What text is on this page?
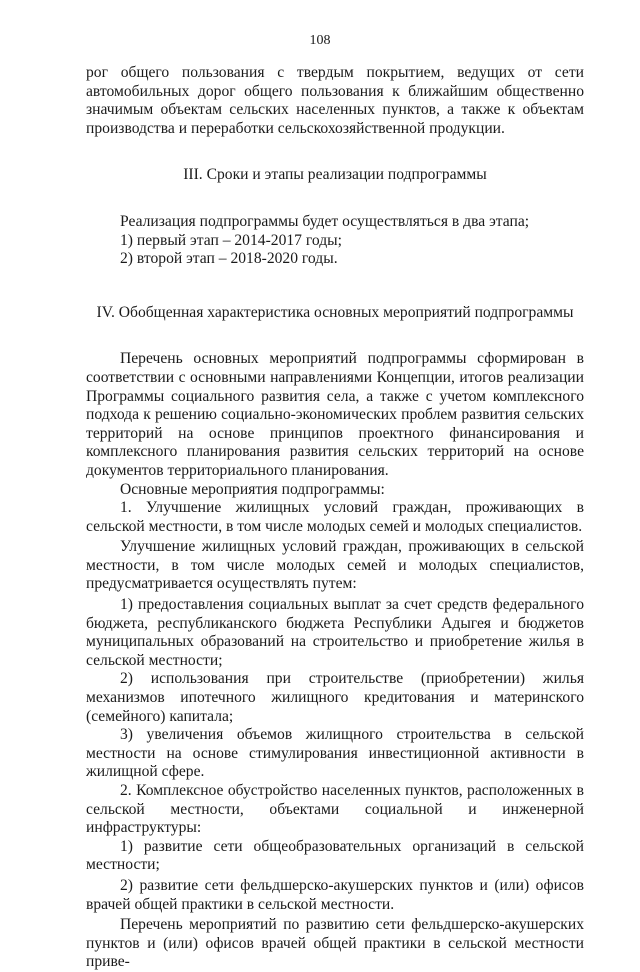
108

рог общего пользования с твердым покрытием, ведущих от сети автомобильных дорог общего пользования к ближайшим общественно значимым объектам сельских населенных пунктов, а также к объектам производства и переработки сельскохозяйственной продукции.

III. Сроки и этапы реализации подпрограммы

Реализация подпрограммы будет осуществляться в два этапа;

1) первый этап – 2014-2017 годы;

2) второй этап – 2018-2020 годы.

IV. Обобщенная характеристика основных мероприятий подпрограммы

Перечень основных мероприятий подпрограммы сформирован в соответствии с основными направлениями Концепции, итогов реализации Программы социального развития села, а также с учетом комплексного подхода к решению социально-экономических проблем развития сельских территорий на основе принципов проектного финансирования и комплексного планирования развития сельских территорий на основе документов территориального планирования.

Основные мероприятия подпрограммы:

1. Улучшение жилищных условий граждан, проживающих в сельской местности, в том числе молодых семей и молодых специалистов.

Улучшение жилищных условий граждан, проживающих в сельской местности, в том числе молодых семей и молодых специалистов, предусматривается осуществлять путем:

1) предоставления социальных выплат за счет средств федерального бюджета, республиканского бюджета Республики Адыгея и бюджетов муниципальных образований на строительство и приобретение жилья в сельской местности;

2) использования при строительстве (приобретении) жилья механизмов ипотечного жилищного кредитования и материнского (семейного) капитала;

3) увеличения объемов жилищного строительства в сельской местности на основе стимулирования инвестиционной активности в жилищной сфере.

2. Комплексное обустройство населенных пунктов, расположенных в сельской местности, объектами социальной и инженерной инфраструктуры:

1) развитие сети общеобразовательных организаций в сельской местности;

2) развитие сети фельдшерско-акушерских пунктов и (или) офисов врачей общей практики в сельской местности.

Перечень мероприятий по развитию сети фельдшерско-акушерских пунктов и (или) офисов врачей общей практики в сельской местности приве-
